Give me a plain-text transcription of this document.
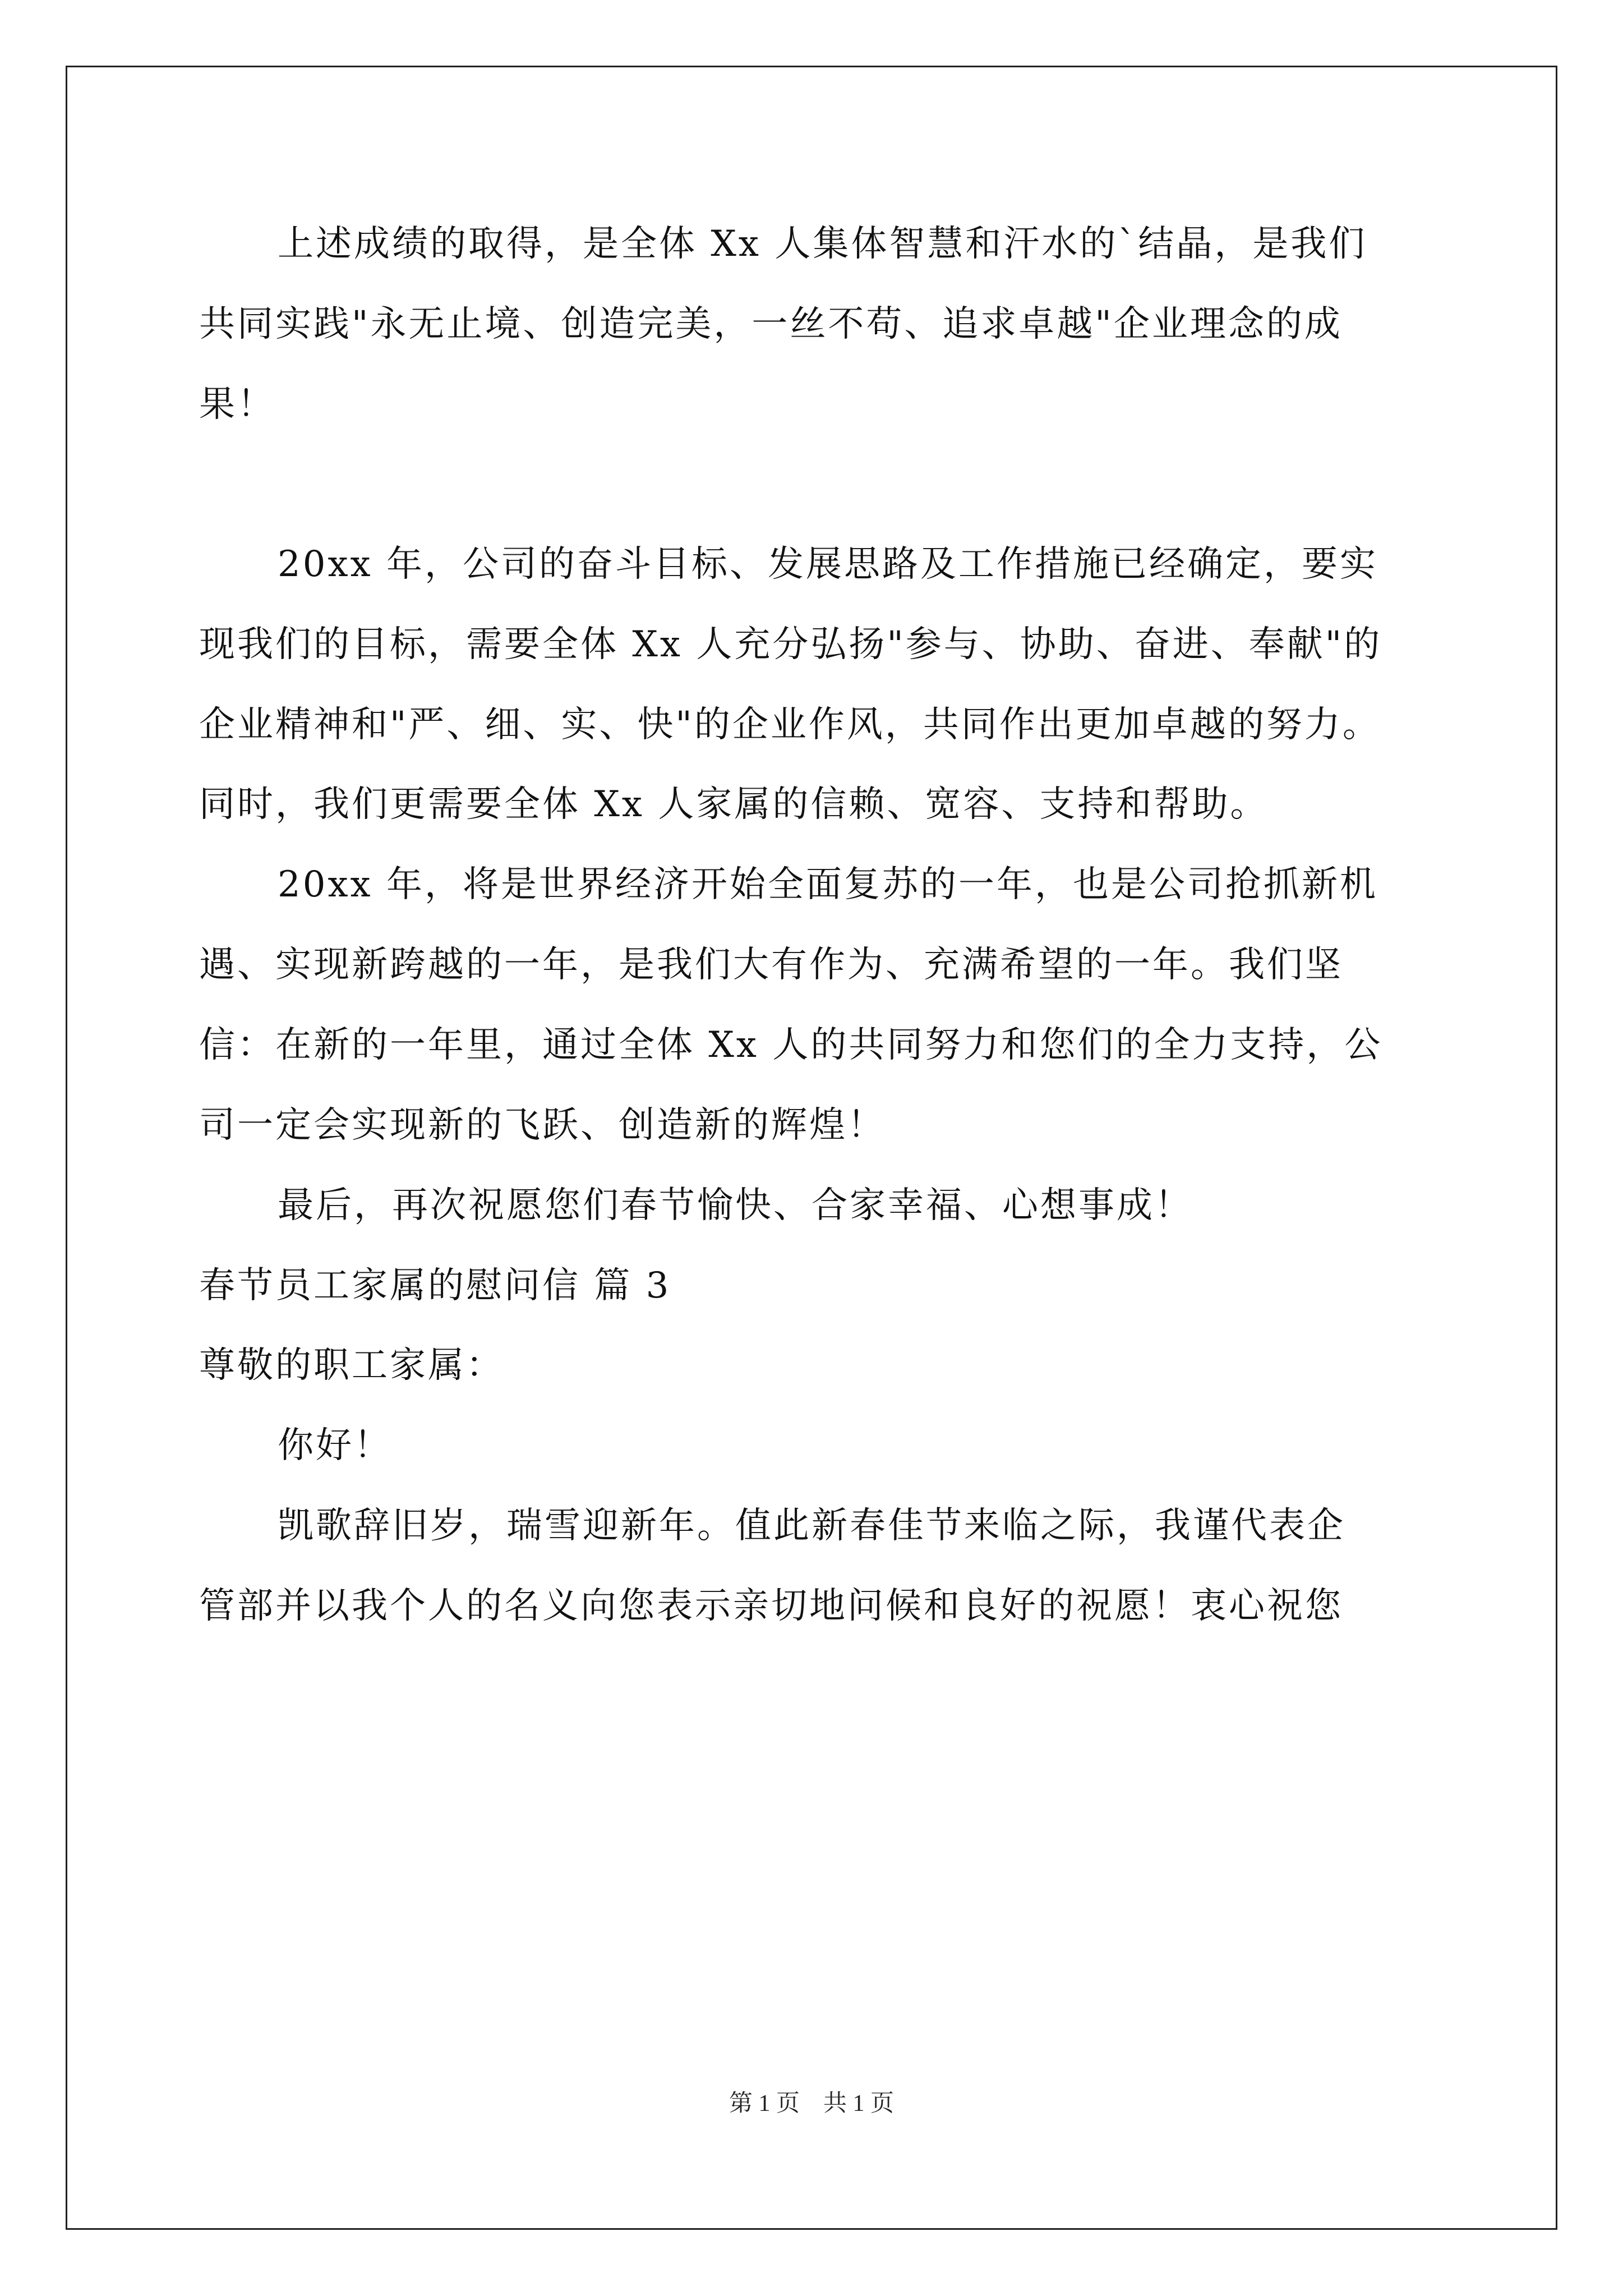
上述成绩的取得，是全体 Xx 人集体智慧和汗水的`结晶，是我们
共同实践"永无止境、创造完美，一丝不苟、追求卓越"企业理念的成
果！
20xx 年，公司的奋斗目标、发展思路及工作措施已经确定，要实
现我们的目标，需要全体 Xx 人充分弘扬"参与、协助、奋进、奉献"的
企业精神和"严、细、实、快"的企业作风，共同作出更加卓越的努力。
同时，我们更需要全体 Xx 人家属的信赖、宽容、支持和帮助。
20xx 年，将是世界经济开始全面复苏的一年，也是公司抢抓新机
遇、实现新跨越的一年，是我们大有作为、充满希望的一年。我们坚
信：在新的一年里，通过全体 Xx 人的共同努力和您们的全力支持，公
司一定会实现新的飞跃、创造新的辉煌！
最后，再次祝愿您们春节愉快、合家幸福、心想事成！
春节员工家属的慰问信 篇 3
尊敬的职工家属：
你好！
凯歌辞旧岁，瑞雪迎新年。值此新春佳节来临之际，我谨代表企
管部并以我个人的名义向您表示亲切地问候和良好的祝愿！衷心祝您
第 1 页　共 1 页
